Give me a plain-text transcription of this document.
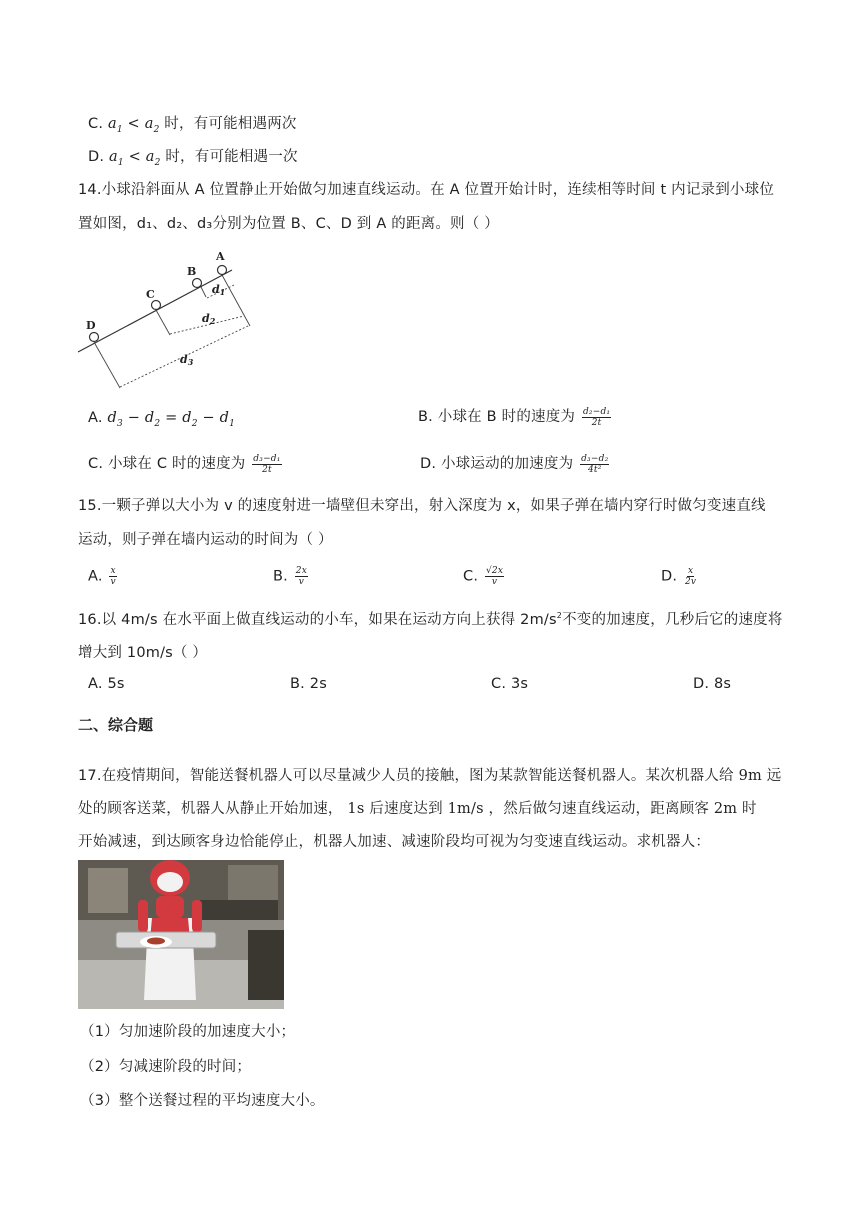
C. $a_1 < a_2$ 时，有可能相遇两次
D. $a_1 < a_2$ 时，有可能相遇一次
14.小球沿斜面从 A 位置静止开始做匀加速直线运动。在 A 位置开始计时，连续相等时间 t 内记录到小球位
置如图，d₁、d₂、d₃分别为位置 B、C、D 到 A 的距离。则（ ）
A
B
C
D
d1
d2
d3
A. $d_3 - d_2 = d_2 - d_1$	B. 小球在 B 时的速度为 $\frac{\text{d₂−d₁}}{2t}$
C. 小球在 C 时的速度为 $\frac{\text{d₃−d₁}}{2t}$	D. 小球运动的加速度为 $\frac{\text{d₃−d₂}}{\text{4t²}}$
15.一颗子弹以大小为 v 的速度射进一墙壁但未穿出，射入深度为 x，如果子弹在墙内穿行时做匀变速直线
运动，则子弹在墙内运动的时间为（ ）
A. $\frac{x}{v}$	B. $\frac{2x}{v}$	C. $\frac{√2x}{v}$	D. $\frac{x}{2v}$
16.以 4m/s 在水平面上做直线运动的小车，如果在运动方向上获得 $2m/s^2$不变的加速度，几秒后它的速度将
增大到 10m/s（ ）
A. 5s	B. 2s	C. 3s	D. 8s
二、综合题
17.在疫情期间，智能送餐机器人可以尽量减少人员的接触，图为某款智能送餐机器人。某次机器人给 9m 远
处的顾客送菜，机器人从静止开始加速， 1s 后速度达到 1m/s ，然后做匀速直线运动，距离顾客 2m 时
开始减速，到达顾客身边恰能停止，机器人加速、减速阶段均可视为匀变速直线运动。求机器人：
（1）匀加速阶段的加速度大小；
（2）匀减速阶段的时间；
（3）整个送餐过程的平均速度大小。
